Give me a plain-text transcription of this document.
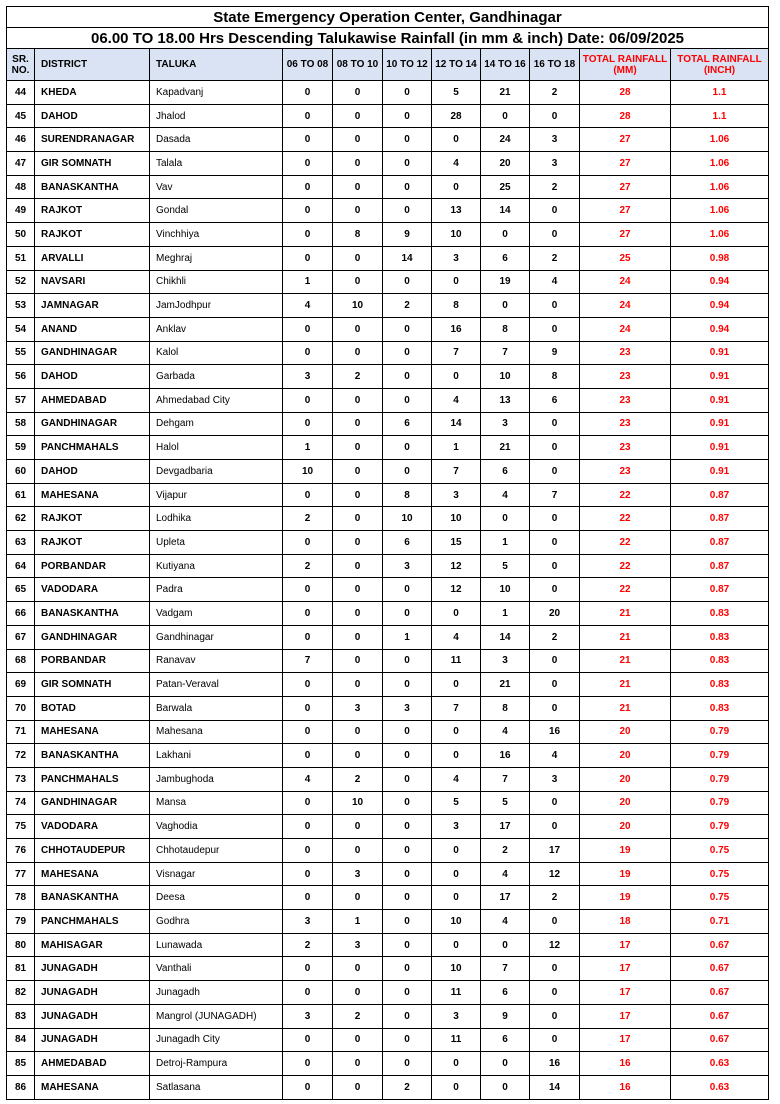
State Emergency Operation Center, Gandhinagar										
06.00 TO 18.00 Hrs Descending Talukawise Rainfall (in mm & inch) Date: 06/09/2025										
SR. NO.	DISTRICT	TALUKA	06 TO 08	08 TO 10	10 TO 12	12 TO 14	14 TO 16	16 TO 18	TOTAL RAINFALL (MM)	TOTAL RAINFALL (INCH)
44	KHEDA	Kapadvanj	0	0	0	5	21	2	28	1.1
45	DAHOD	Jhalod	0	0	0	28	0	0	28	1.1
46	SURENDRANAGAR	Dasada	0	0	0	0	24	3	27	1.06
47	GIR SOMNATH	Talala	0	0	0	4	20	3	27	1.06
48	BANASKANTHA	Vav	0	0	0	0	25	2	27	1.06
49	RAJKOT	Gondal	0	0	0	13	14	0	27	1.06
50	RAJKOT	Vinchhiya	0	8	9	10	0	0	27	1.06
51	ARVALLI	Meghraj	0	0	14	3	6	2	25	0.98
52	NAVSARI	Chikhli	1	0	0	0	19	4	24	0.94
53	JAMNAGAR	JamJodhpur	4	10	2	8	0	0	24	0.94
54	ANAND	Anklav	0	0	0	16	8	0	24	0.94
55	GANDHINAGAR	Kalol	0	0	0	7	7	9	23	0.91
56	DAHOD	Garbada	3	2	0	0	10	8	23	0.91
57	AHMEDABAD	Ahmedabad City	0	0	0	4	13	6	23	0.91
58	GANDHINAGAR	Dehgam	0	0	6	14	3	0	23	0.91
59	PANCHMAHALS	Halol	1	0	0	1	21	0	23	0.91
60	DAHOD	Devgadbaria	10	0	0	7	6	0	23	0.91
61	MAHESANA	Vijapur	0	0	8	3	4	7	22	0.87
62	RAJKOT	Lodhika	2	0	10	10	0	0	22	0.87
63	RAJKOT	Upleta	0	0	6	15	1	0	22	0.87
64	PORBANDAR	Kutiyana	2	0	3	12	5	0	22	0.87
65	VADODARA	Padra	0	0	0	12	10	0	22	0.87
66	BANASKANTHA	Vadgam	0	0	0	0	1	20	21	0.83
67	GANDHINAGAR	Gandhinagar	0	0	1	4	14	2	21	0.83
68	PORBANDAR	Ranavav	7	0	0	11	3	0	21	0.83
69	GIR SOMNATH	Patan-Veraval	0	0	0	0	21	0	21	0.83
70	BOTAD	Barwala	0	3	3	7	8	0	21	0.83
71	MAHESANA	Mahesana	0	0	0	0	4	16	20	0.79
72	BANASKANTHA	Lakhani	0	0	0	0	16	4	20	0.79
73	PANCHMAHALS	Jambughoda	4	2	0	4	7	3	20	0.79
74	GANDHINAGAR	Mansa	0	10	0	5	5	0	20	0.79
75	VADODARA	Vaghodia	0	0	0	3	17	0	20	0.79
76	CHHOTAUDEPUR	Chhotaudepur	0	0	0	0	2	17	19	0.75
77	MAHESANA	Visnagar	0	3	0	0	4	12	19	0.75
78	BANASKANTHA	Deesa	0	0	0	0	17	2	19	0.75
79	PANCHMAHALS	Godhra	3	1	0	10	4	0	18	0.71
80	MAHISAGAR	Lunawada	2	3	0	0	0	12	17	0.67
81	JUNAGADH	Vanthali	0	0	0	10	7	0	17	0.67
82	JUNAGADH	Junagadh	0	0	0	11	6	0	17	0.67
83	JUNAGADH	Mangrol (JUNAGADH)	3	2	0	3	9	0	17	0.67
84	JUNAGADH	Junagadh City	0	0	0	11	6	0	17	0.67
85	AHMEDABAD	Detroj-Rampura	0	0	0	0	0	16	16	0.63
86	MAHESANA	Satlasana	0	0	2	0	0	14	16	0.63
